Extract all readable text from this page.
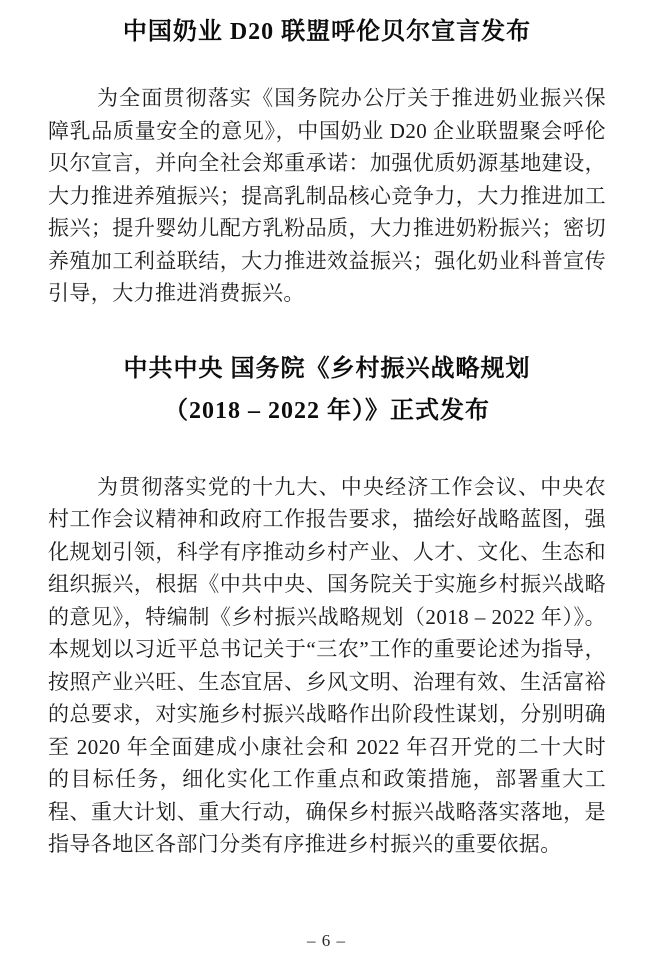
中国奶业 D20 联盟呼伦贝尔宣言发布

为全面贯彻落实《国务院办公厅关于推进奶业振兴保障乳品质量安全的意见》，中国奶业 D20 企业联盟聚会呼伦贝尔宣言，并向全社会郑重承诺：加强优质奶源基地建设，大力推进养殖振兴；提高乳制品核心竞争力，大力推进加工振兴；提升婴幼儿配方乳粉品质，大力推进奶粉振兴；密切养殖加工利益联结，大力推进效益振兴；强化奶业科普宣传引导，大力推进消费振兴。

中共中央 国务院《乡村振兴战略规划
（2018 – 2022 年）》正式发布

为贯彻落实党的十九大、中央经济工作会议、中央农村工作会议精神和政府工作报告要求，描绘好战略蓝图，强化规划引领，科学有序推动乡村产业、人才、文化、生态和组织振兴，根据《中共中央、国务院关于实施乡村振兴战略的意见》，特编制《乡村振兴战略规划（2018 – 2022 年）》。本规划以习近平总书记关于“三农”工作的重要论述为指导，按照产业兴旺、生态宜居、乡风文明、治理有效、生活富裕的总要求，对实施乡村振兴战略作出阶段性谋划，分别明确至 2020 年全面建成小康社会和 2022 年召开党的二十大时的目标任务，细化实化工作重点和政策措施，部署重大工程、重大计划、重大行动，确保乡村振兴战略落实落地，是指导各地区各部门分类有序推进乡村振兴的重要依据。

– 6 –
